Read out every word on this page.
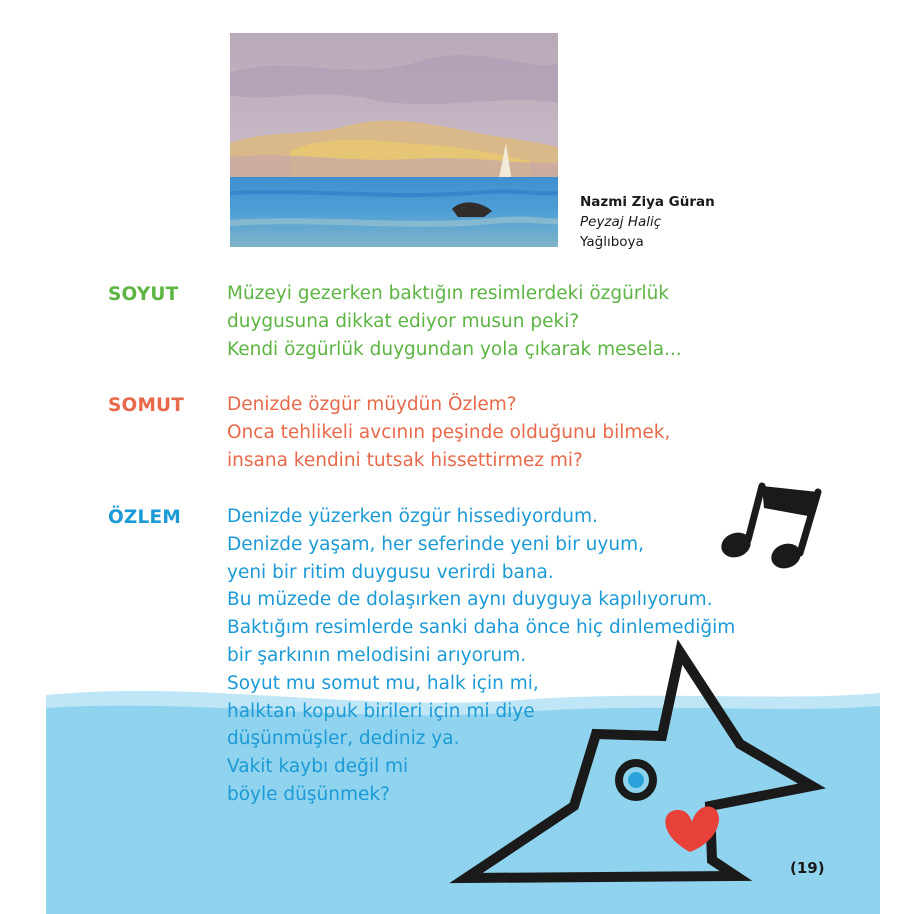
Nazmi Ziya Güran
Peyzaj Haliç
Yağlıboya
SOYUT	Müzeyi gezerken baktığın resimlerdeki özgürlük
duygusuna dikkat ediyor musun peki?
Kendi özgürlük duygundan yola çıkarak mesela...
SOMUT Denizde özgür müydün Özlem?
Onca tehlikeli avcının peşinde olduğunu bilmek,
insana kendini tutsak hissettirmez mi?
ÖZLEM Denizde yüzerken özgür hissediyordum.
Denizde yaşam, her seferinde yeni bir uyum,
yeni bir ritim duygusu verirdi bana.
Bu müzede de dolaşırken aynı duyguya kapılıyorum.
Baktığım resimlerde sanki daha önce hiç dinlemediğim
bir şarkının melodisini arıyorum.
Soyut mu somut mu, halk için mi,
halktan kopuk birileri için mi diye
düşünmüşler, dediniz ya.
Vakit kaybı değil mi
böyle düşünmek?
(19)
